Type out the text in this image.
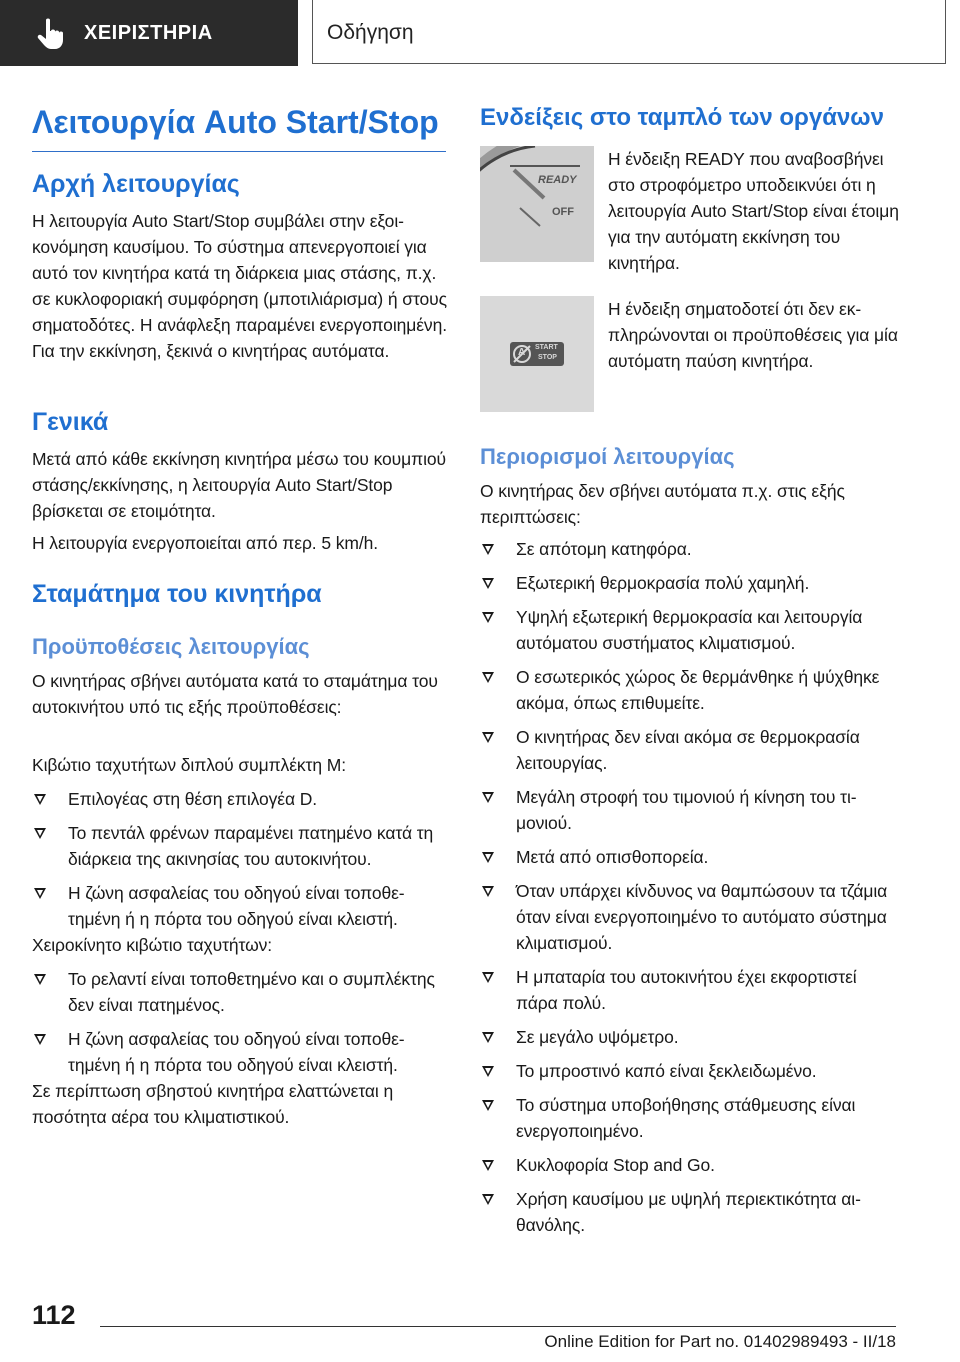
ΧΕΙΡΙΣΤΗΡΙΑ	Οδήγηση
Λειτουργία Auto Start/Stop
Αρχή λειτουργίας

Η λειτουργία Auto Start/Stop συμβάλει στην εξοικονόμηση καυσίμου. Το σύστημα απενεργοποιεί για αυτό τον κινητήρα κατά τη διάρκεια μιας στάσης, π.χ. σε κυκλοφοριακή συμφόρηση (μποτιλιάρισμα) ή στους σηματοδότες. Η ανάφλεξη παραμένει ενεργοποιημένη. Για την εκκίνηση, ξεκινά ο κινητήρας αυτόματα.

Γενικά

Μετά από κάθε εκκίνηση κινητήρα μέσω του κουμπιού στάσης/εκκίνησης, η λειτουργία Auto Start/Stop βρίσκεται σε ετοιμότητα.

Η λειτουργία ενεργοποιείται από περ. 5 km/h.

Σταμάτημα του κινητήρα
Προϋποθέσεις λειτουργίας

Ο κινητήρας σβήνει αυτόματα κατά το σταμάτημα του αυτοκινήτου υπό τις εξής προϋποθέσεις:

Κιβώτιο ταχυτήτων διπλού συμπλέκτη M:

Επιλογέας στη θέση επιλογέα D.
Το πεντάλ φρένων παραμένει πατημένο κατά τη διάρκεια της ακινησίας του αυτοκινήτου.
Η ζώνη ασφαλείας του οδηγού είναι τοποθετημένη ή η πόρτα του οδηγού είναι κλειστή.

Χειροκίνητο κιβώτιο ταχυτήτων:

Το ρελαντί είναι τοποθετημένο και ο συμπλέκτης δεν είναι πατημένος.
Η ζώνη ασφαλείας του οδηγού είναι τοποθετημένη ή η πόρτα του οδηγού είναι κλειστή.

Σε περίπτωση σβηστού κινητήρα ελαττώνεται η ποσότητα αέρα του κλιματιστικού.

Ενδείξεις στο ταμπλό των οργάνων
READY
OFF

Η ένδειξη READY που αναβοσβήνει στο στροφόμετρο υποδεικνύει ότι η λειτουργία Auto Start/Stop είναι έτοιμη για την αυτόματη εκκίνηση του κινητήρα.

A START
STOP

Η ένδειξη σηματοδοτεί ότι δεν εκπληρώνονται οι προϋποθέσεις για μία αυτόματη παύση κινητήρα.

Περιορισμοί λειτουργίας

Ο κινητήρας δεν σβήνει αυτόματα π.χ. στις εξής περιπτώσεις:

Σε απότομη κατηφόρα.
Εξωτερική θερμοκρασία πολύ χαμηλή.
Υψηλή εξωτερική θερμοκρασία και λειτουργία αυτόματου συστήματος κλιματισμού.
Ο εσωτερικός χώρος δε θερμάνθηκε ή ψύχθηκε ακόμα, όπως επιθυμείτε.
Ο κινητήρας δεν είναι ακόμα σε θερμοκρασία λειτουργίας.
Μεγάλη στροφή του τιμονιού ή κίνηση του τιμονιού.
Μετά από οπισθοπορεία.
Όταν υπάρχει κίνδυνος να θαμπώσουν τα τζάμια όταν είναι ενεργοποιημένο το αυτόματο σύστημα κλιματισμού.
Η μπαταρία του αυτοκινήτου έχει εκφορτιστεί πάρα πολύ.
Σε μεγάλο υψόμετρο.
Το μπροστινό καπό είναι ξεκλειδωμένο.
Το σύστημα υποβοήθησης στάθμευσης είναι ενεργοποιημένο.
Κυκλοφορία Stop and Go.
Χρήση καυσίμου με υψηλή περιεκτικότητα αιθανόλης.
112
Online Edition for Part no. 01402989493 - II/18
